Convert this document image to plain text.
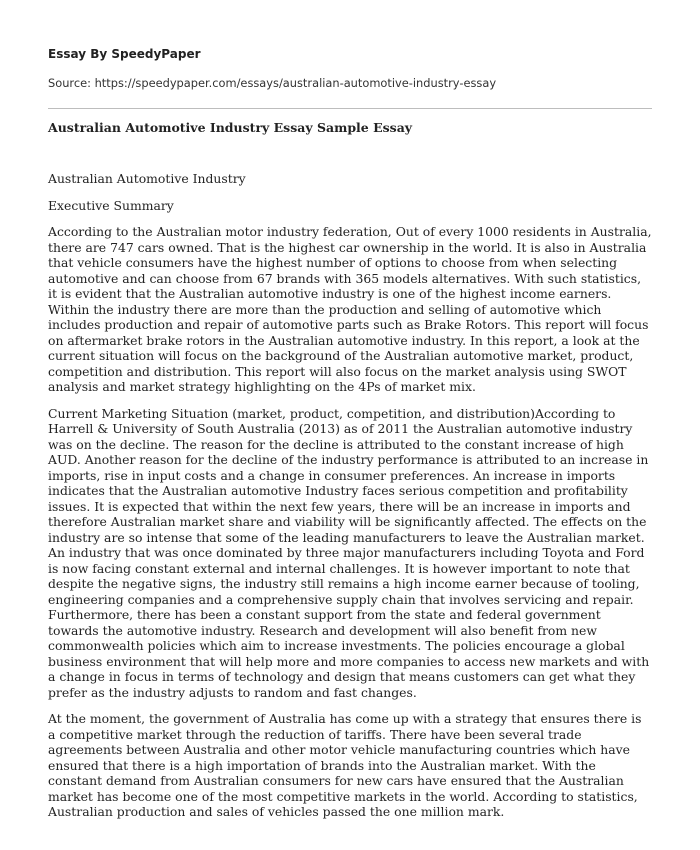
Essay By SpeedyPaper
Source: https://speedypaper.com/essays/australian-automotive-industry-essay
Australian Automotive Industry Essay Sample Essay

Australian Automotive Industry

Executive Summary

According to the Australian motor industry federation, Out of every 1000 residents in Australia, there are 747 cars owned. That is the highest car ownership in the world. It is also in Australia that vehicle consumers have the highest number of options to choose from when selecting automotive and can choose from 67 brands with 365 models alternatives. With such statistics, it is evident that the Australian automotive industry is one of the highest income earners. Within the industry there are more than the production and selling of automotive which includes production and repair of automotive parts such as Brake Rotors. This report will focus on aftermarket brake rotors in the Australian automotive industry. In this report, a look at the current situation will focus on the background of the Australian automotive market, product, competition and distribution. This report will also focus on the market analysis using SWOT analysis and market strategy highlighting on the 4Ps of market mix.

Current Marketing Situation (market, product, competition, and distribution)According to Harrell & University of South Australia (2013) as of 2011 the Australian automotive industry was on the decline. The reason for the decline is attributed to the constant increase of high AUD. Another reason for the decline of the industry performance is attributed to an increase in imports, rise in input costs and a change in consumer preferences. An increase in imports indicates that the Australian automotive Industry faces serious competition and profitability issues. It is expected that within the next few years, there will be an increase in imports and therefore Australian market share and viability will be significantly affected. The effects on the industry are so intense that some of the leading manufacturers to leave the Australian market. An industry that was once dominated by three major manufacturers including Toyota and Ford is now facing constant external and internal challenges. It is however important to note that despite the negative signs, the industry still remains a high income earner because of tooling, engineering companies and a comprehensive supply chain that involves servicing and repair. Furthermore, there has been a constant support from the state and federal government towards the automotive industry. Research and development will also benefit from new commonwealth policies which aim to increase investments. The policies encourage a global business environment that will help more and more companies to access new markets and with a change in focus in terms of technology and design that means customers can get what they prefer as the industry adjusts to random and fast changes.

At the moment, the government of Australia has come up with a strategy that ensures there is a competitive market through the reduction of tariffs. There have been several trade agreements between Australia and other motor vehicle manufacturing countries which have ensured that there is a high importation of brands into the Australian market. With the constant demand from Australian consumers for new cars have ensured that the Australian market has become one of the most competitive markets in the world. According to statistics, Australian production and sales of vehicles passed the one million mark.
